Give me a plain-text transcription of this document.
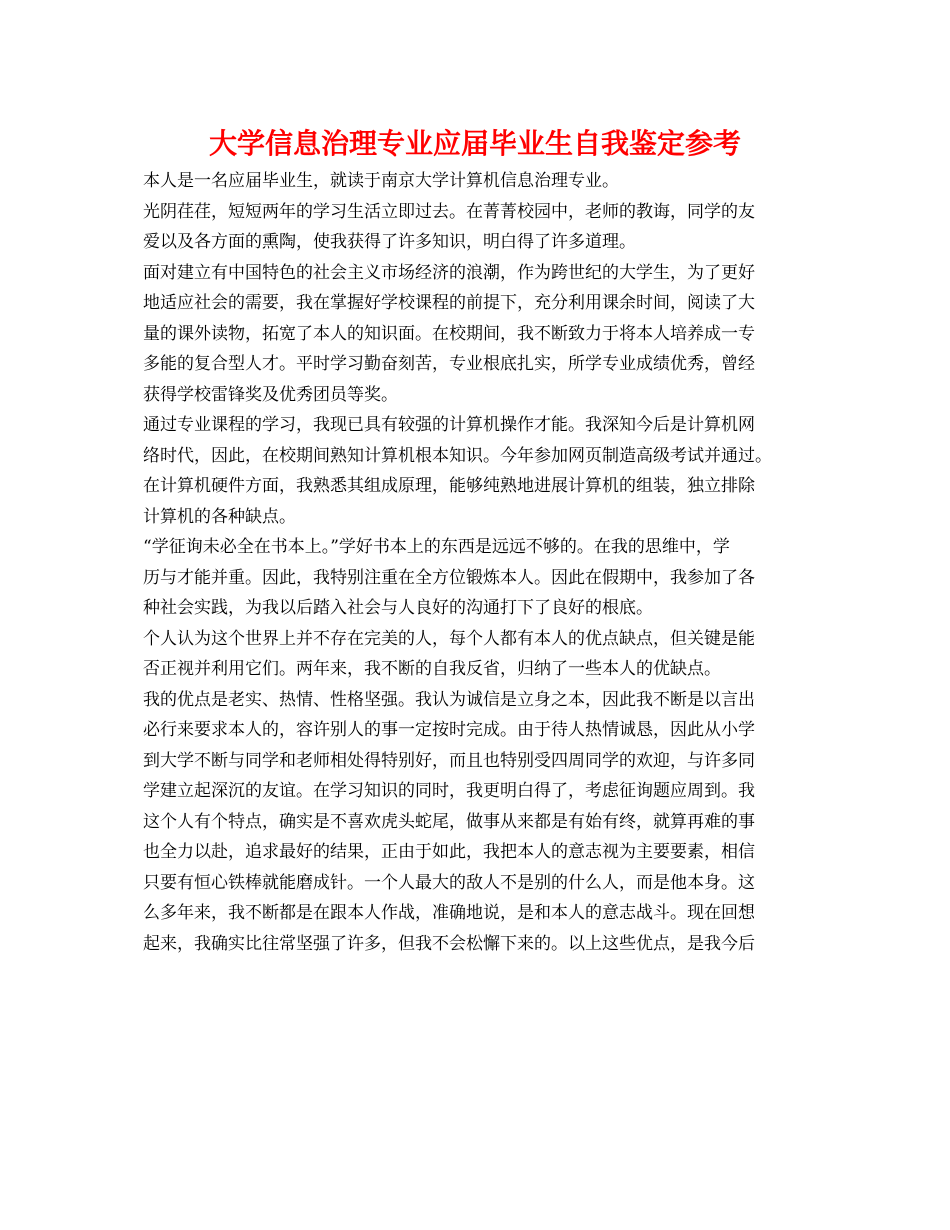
大学信息治理专业应届毕业生自我鉴定参考
本人是一名应届毕业生，就读于南京大学计算机信息治理专业。
光阴荏荏，短短两年的学习生活立即过去。在菁菁校园中，老师的教诲，同学的友
爱以及各方面的熏陶，使我获得了许多知识，明白得了许多道理。
面对建立有中国特色的社会主义市场经济的浪潮，作为跨世纪的大学生，为了更好
地适应社会的需要，我在掌握好学校课程的前提下，充分利用课余时间，阅读了大
量的课外读物，拓宽了本人的知识面。在校期间，我不断致力于将本人培养成一专
多能的复合型人才。平时学习勤奋刻苦，专业根底扎实，所学专业成绩优秀，曾经
获得学校雷锋奖及优秀团员等奖。
通过专业课程的学习，我现已具有较强的计算机操作才能。我深知今后是计算机网
络时代，因此，在校期间熟知计算机根本知识。今年参加网页制造高级考试并通过。
在计算机硬件方面，我熟悉其组成原理，能够纯熟地进展计算机的组装，独立排除
计算机的各种缺点。
“学征询未必全在书本上。”学好书本上的东西是远远不够的。在我的思维中，学
历与才能并重。因此，我特别注重在全方位锻炼本人。因此在假期中，我参加了各
种社会实践，为我以后踏入社会与人良好的沟通打下了良好的根底。
个人认为这个世界上并不存在完美的人，每个人都有本人的优点缺点，但关键是能
否正视并利用它们。两年来，我不断的自我反省，归纳了一些本人的优缺点。
我的优点是老实、热情、性格坚强。我认为诚信是立身之本，因此我不断是以言出
必行来要求本人的，容许别人的事一定按时完成。由于待人热情诚恳，因此从小学
到大学不断与同学和老师相处得特别好，而且也特别受四周同学的欢迎，与许多同
学建立起深沉的友谊。在学习知识的同时，我更明白得了，考虑征询题应周到。我
这个人有个特点，确实是不喜欢虎头蛇尾，做事从来都是有始有终，就算再难的事
也全力以赴，追求最好的结果，正由于如此，我把本人的意志视为主要要素，相信
只要有恒心铁棒就能磨成针。一个人最大的敌人不是别的什么人，而是他本身。这
么多年来，我不断都是在跟本人作战，准确地说，是和本人的意志战斗。现在回想
起来，我确实比往常坚强了许多，但我不会松懈下来的。以上这些优点，是我今后
